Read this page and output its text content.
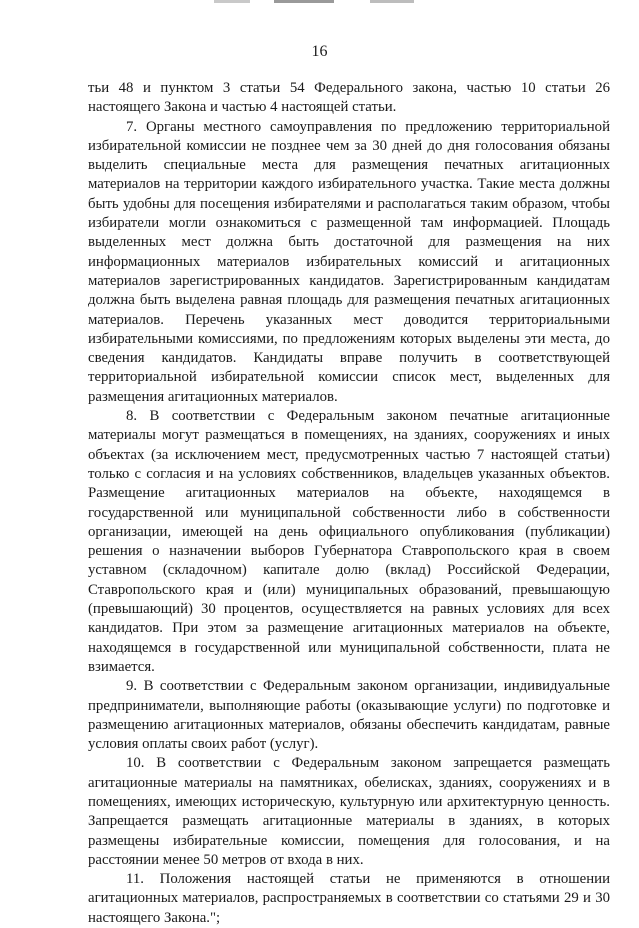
16

тьи 48 и пунктом 3 статьи 54 Федерального закона, частью 10 статьи 26 настоящего Закона и частью 4 настоящей статьи.

7. Органы местного самоуправления по предложению территориальной избирательной комиссии не позднее чем за 30 дней до дня голосования обязаны выделить специальные места для размещения печатных агитационных материалов на территории каждого избирательного участка. Такие места должны быть удобны для посещения избирателями и располагаться таким образом, чтобы избиратели могли ознакомиться с размещенной там информацией. Площадь выделенных мест должна быть достаточной для размещения на них информационных материалов избирательных комиссий и агитационных материалов зарегистрированных кандидатов. Зарегистрированным кандидатам должна быть выделена равная площадь для размещения печатных агитационных материалов. Перечень указанных мест доводится территориальными избирательными комиссиями, по предложениям которых выделены эти места, до сведения кандидатов. Кандидаты вправе получить в соответствующей территориальной избирательной комиссии список мест, выделенных для размещения агитационных материалов.

8. В соответствии с Федеральным законом печатные агитационные материалы могут размещаться в помещениях, на зданиях, сооружениях и иных объектах (за исключением мест, предусмотренных частью 7 настоящей статьи) только с согласия и на условиях собственников, владельцев указанных объектов. Размещение агитационных материалов на объекте, находящемся в государственной или муниципальной собственности либо в собственности организации, имеющей на день официального опубликования (публикации) решения о назначении выборов Губернатора Ставропольского края в своем уставном (складочном) капитале долю (вклад) Российской Федерации, Ставропольского края и (или) муниципальных образований, превышающую (превышающий) 30 процентов, осуществляется на равных условиях для всех кандидатов. При этом за размещение агитационных материалов на объекте, находящемся в государственной или муниципальной собственности, плата не взимается.

9. В соответствии с Федеральным законом организации, индивидуальные предприниматели, выполняющие работы (оказывающие услуги) по подготовке и размещению агитационных материалов, обязаны обеспечить кандидатам, равные условия оплаты своих работ (услуг).

10. В соответствии с Федеральным законом запрещается размещать агитационные материалы на памятниках, обелисках, зданиях, сооружениях и в помещениях, имеющих историческую, культурную или архитектурную ценность. Запрещается размещать агитационные материалы в зданиях, в которых размещены избирательные комиссии, помещения для голосования, и на расстоянии менее 50 метров от входа в них.

11. Положения настоящей статьи не применяются в отношении агитационных материалов, распространяемых в соответствии со статьями 29 и 30 настоящего Закона.";
